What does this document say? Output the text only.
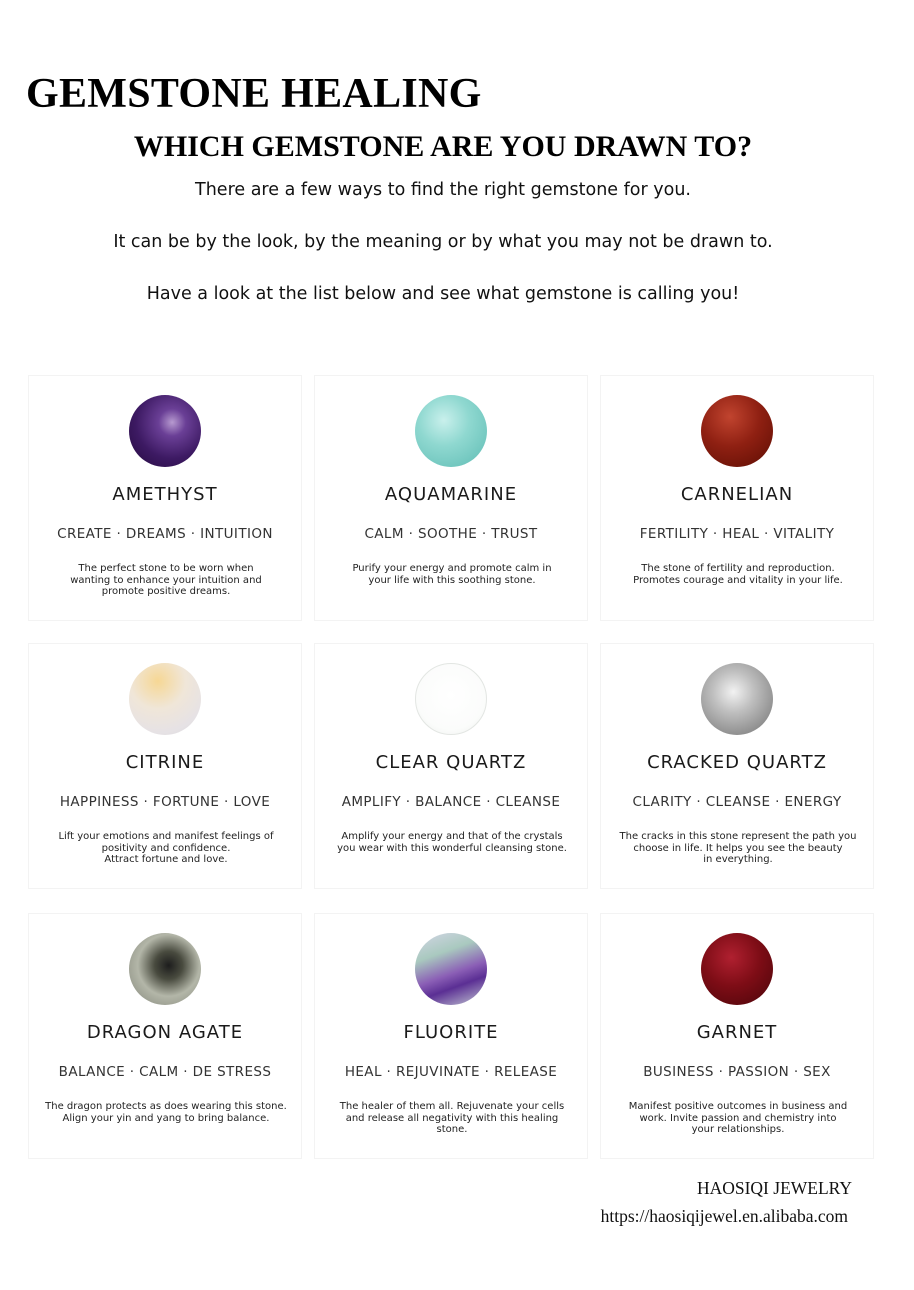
GEMSTONE HEALING
WHICH GEMSTONE ARE YOU DRAWN TO?

There are a few ways to find the right gemstone for you.

It can be by the look, by the meaning or by what you may not be drawn to.

Have a look at the list below and see what gemstone is calling you!

AMETHYST
CREATE · DREAMS · INTUITION
The perfect stone to be worn when
wanting to enhance your intuition and
promote positive dreams.
AQUAMARINE
CALM · SOOTHE · TRUST
Purify your energy and promote calm in
your life with this soothing stone.
CARNELIAN
FERTILITY · HEAL · VITALITY
The stone of fertility and reproduction.
Promotes courage and vitality in your life.
CITRINE
HAPPINESS · FORTUNE · LOVE
Lift your emotions and manifest feelings of
positivity and confidence.
Attract fortune and love.
CLEAR QUARTZ
AMPLIFY · BALANCE · CLEANSE
Amplify your energy and that of the crystals
you wear with this wonderful cleansing stone.
CRACKED QUARTZ
CLARITY · CLEANSE · ENERGY
The cracks in this stone represent the path you
choose in life. It helps you see the beauty
in everything.
DRAGON AGATE
BALANCE · CALM · DE STRESS
The dragon protects as does wearing this stone.
Align your yin and yang to bring balance.
FLUORITE
HEAL · REJUVINATE · RELEASE
The healer of them all. Rejuvenate your cells
and release all negativity with this healing stone.
GARNET
BUSINESS · PASSION · SEX
Manifest positive outcomes in business and
work. Invite passion and chemistry into
your relationships.
HAOSIQI JEWELRY
https://haosiqijewel.en.alibaba.com
